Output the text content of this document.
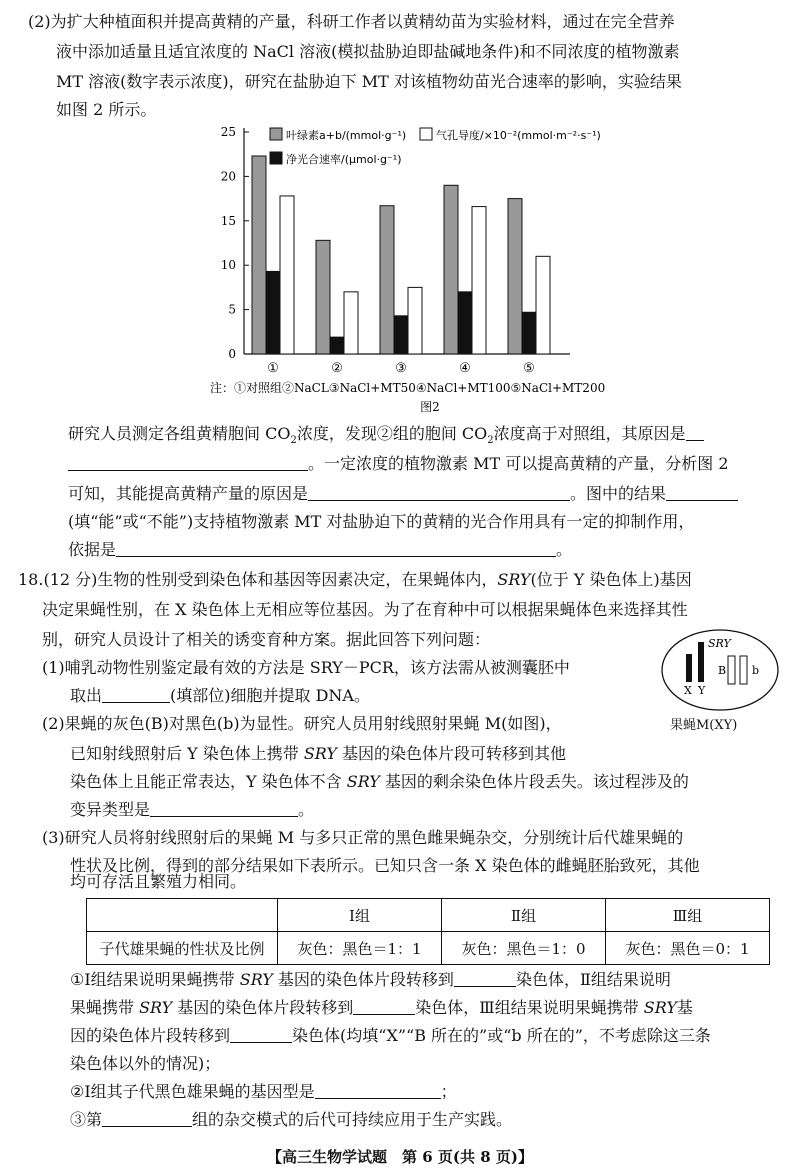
(2)为扩大种植面积并提高黄精的产量，科研工作者以黄精幼苗为实验材料，通过在完全营养
液中添加适量且适宜浓度的 NaCl 溶液(模拟盐胁迫即盐碱地条件)和不同浓度的植物激素
MT 溶液(数字表示浓度)，研究在盐胁迫下 MT 对该植物幼苗光合速率的影响，实验结果
如图 2 所示。
0
5
10
15
20
25
①	②	③	④	⑤
叶绿素a+b/(mmol·g⁻¹)	气孔导度/×10⁻²(mmol·m⁻²·s⁻¹)
净光合速率/(μmol·g⁻¹)
注：①对照组②NaCL③NaCl+MT50④NaCl+MT100⑤NaCl+MT200
图2
研究人员测定各组黄精胞间 $CO_2$浓度，发现②组的胞间 $CO_2$浓度高于对照组，其原因是
。一定浓度的植物激素 MT 可以提高黄精的产量，分析图 2
可知，其能提高黄精产量的原因是	。图中的结果
(填“能”或“不能”)支持植物激素 MT 对盐胁迫下的黄精的光合作用具有一定的抑制作用，
依据是	。
18.(12 分)生物的性别受到染色体和基因等因素决定，在果蝇体内，SRY(位于 Y 染色体上)基因
决定果蝇性别，在 X 染色体上无相应等位基因。为了在育种中可以根据果蝇体色来选择其性
别，研究人员设计了相关的诱变育种方案。据此回答下列问题：
(1)哺乳动物性别鉴定最有效的方法是 SRY－PCR，该方法需从被测囊胚中
取出	(填部位)细胞并提取 DNA。
(2)果蝇的灰色(B)对黑色(b)为显性。研究人员用射线照射果蝇 M(如图)，
已知射线照射后 Y 染色体上携带 SRY 基因的染色体片段可转移到其他
染色体上且能正常表达，Y 染色体不含 SRY 基因的剩余染色体片段丢失。该过程涉及的
变异类型是	。
SRY
X Y
B b
果蝇M(XY)
(3)研究人员将射线照射后的果蝇 M 与多只正常的黑色雌果蝇杂交，分别统计后代雄果蝇的
性状及比例，得到的部分结果如下表所示。已知只含一条 X 染色体的雌蝇胚胎致死，其他
均可存活且繁殖力相同。
	Ⅰ组	Ⅱ组	Ⅲ组
子代雄果蝇的性状及比例	灰色：黑色＝1：1	灰色：黑色＝1：0	灰色：黑色＝0：1
①Ⅰ组结果说明果蝇携带 SRY 基因的染色体片段转移到	染色体，Ⅱ组结果说明
果蝇携带 SRY 基因的染色体片段转移到	染色体，Ⅲ组结果说明果蝇携带 SRY基
因的染色体片段转移到	染色体(均填“X”“B 所在的”或“b 所在的”，不考虑除这三条
染色体以外的情况)；
②Ⅰ组其子代黑色雄果蝇的基因型是	；
③第	组的杂交模式的后代可持续应用于生产实践。
【高三生物学试题　第 6 页(共 8 页)】
